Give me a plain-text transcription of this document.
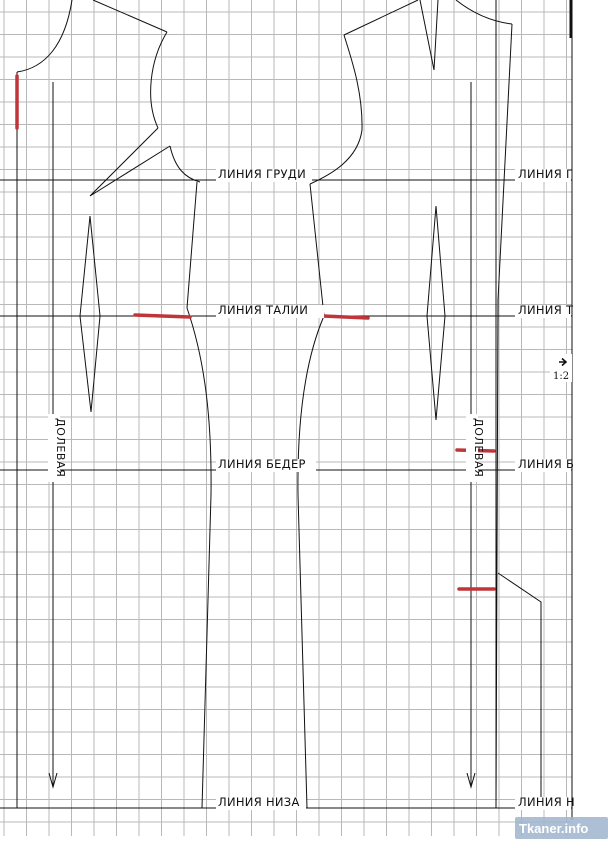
ЛИНИЯ ГРУДИ
ЛИНИЯ ТАЛИИ
ЛИНИЯ БЕДЕР
ЛИНИЯ НИЗА
ЛИНИЯ Г
ЛИНИЯ Т
ЛИНИЯ Б
ЛИНИЯ Н
ДОЛЕВАЯ	ДОЛЕВАЯ
1:2
Tkaner.info
